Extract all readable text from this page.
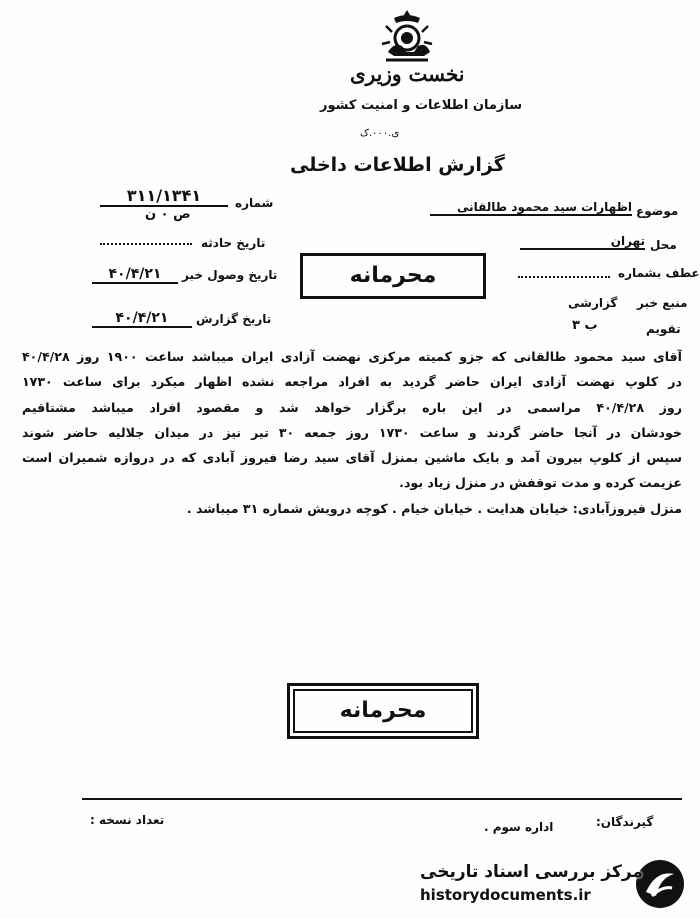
نخست وزیری
سازمان اطلاعات و امنیت کشور
ی.۰۰۰.ک
گزارش اطلاعات داخلی
شماره
۳۱۱/۱۳۴۱
ص ۰ ن
تاریخ حادثه
تاریخ وصول خبر
۴۰/۴/۲۱
تاریخ گزارش
۴۰/۴/۲۱
موضوع
اظهارات سید محمود طالقانی
محل
تهران
عطف بشماره
منبع خبر
گزارشی
تقویم
ب ۳
محرمانه
آقای سید محمود طالقانی که جزو کمیته مرکزی نهضت آزادی ایران میباشد ساعت ۱۹۰۰ روز ۴۰/۴/۲۸
در کلوپ نهضت آزادی ایران حاضر گردید به افراد مراجعه نشده اظهار میکرد برای ساعت ۱۷۳۰
روز ۴۰/۴/۲۸ مراسمی در این باره برگزار خواهد شد و مقصود افراد میباشد مشتاقیم
خودشان در آنجا حاضر گردند و ساعت ۱۷۳۰ روز جمعه ۳۰ تیر نیز در میدان جلالیه حاضر شوند
سپس از کلوپ بیرون آمد و بایک ماشین بمنزل آقای سید رضا فیروز آبادی که در دروازه شمیران است
عزیمت کرده و مدت توقفش در منزل زیاد بود.
منزل فیروزآبادی: خیابان هدایت . خیابان خیام . کوچه درویش شماره ۳۱ میباشد .
محرمانه
گیرندگان:
اداره سوم .
تعداد نسخه :
مرکز بررسی اسناد تاریخی
historydocuments.ir
